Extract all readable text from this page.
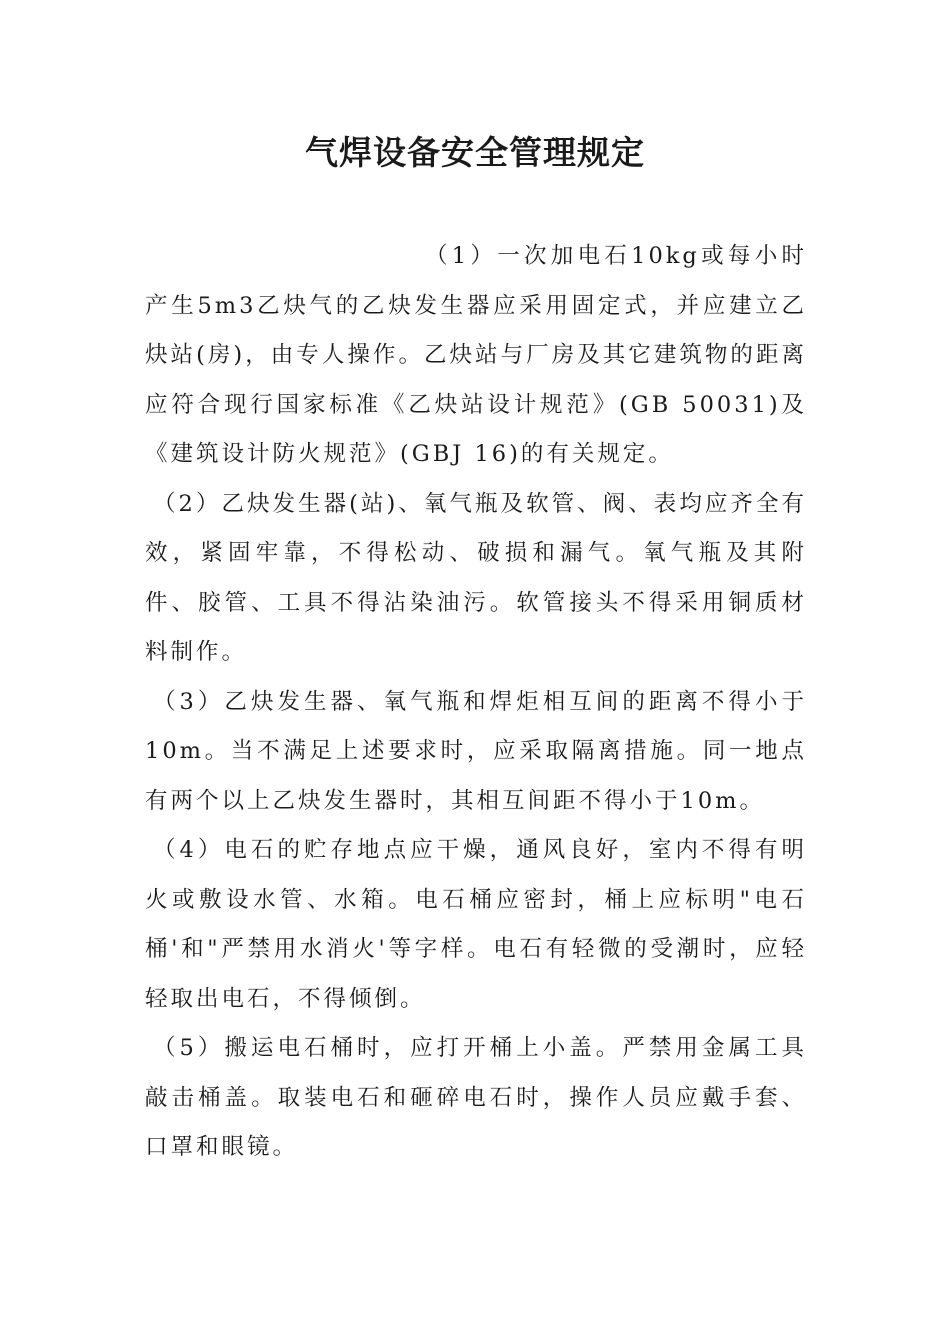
气焊设备安全管理规定

（1）一次加电石10kg或每小时产生5m3乙炔气的乙炔发生器应采用固定式，并应建立乙炔站(房)，由专人操作。乙炔站与厂房及其它建筑物的距离应符合现行国家标准《乙炔站设计规范》(GB 50031)及《建筑设计防火规范》(GBJ 16)的有关规定。

（2）乙炔发生器(站)、氧气瓶及软管、阀、表均应齐全有效，紧固牢靠，不得松动、破损和漏气。氧气瓶及其附件、胶管、工具不得沾染油污。软管接头不得采用铜质材料制作。

（3）乙炔发生器、氧气瓶和焊炬相互间的距离不得小于10m。当不满足上述要求时，应采取隔离措施。同一地点有两个以上乙炔发生器时，其相互间距不得小于10m。

（4）电石的贮存地点应干燥，通风良好，室内不得有明火或敷设水管、水箱。电石桶应密封，桶上应标明"电石桶'和"严禁用水消火'等字样。电石有轻微的受潮时，应轻轻取出电石，不得倾倒。

（5）搬运电石桶时，应打开桶上小盖。严禁用金属工具敲击桶盖。取装电石和砸碎电石时，操作人员应戴手套、口罩和眼镜。
